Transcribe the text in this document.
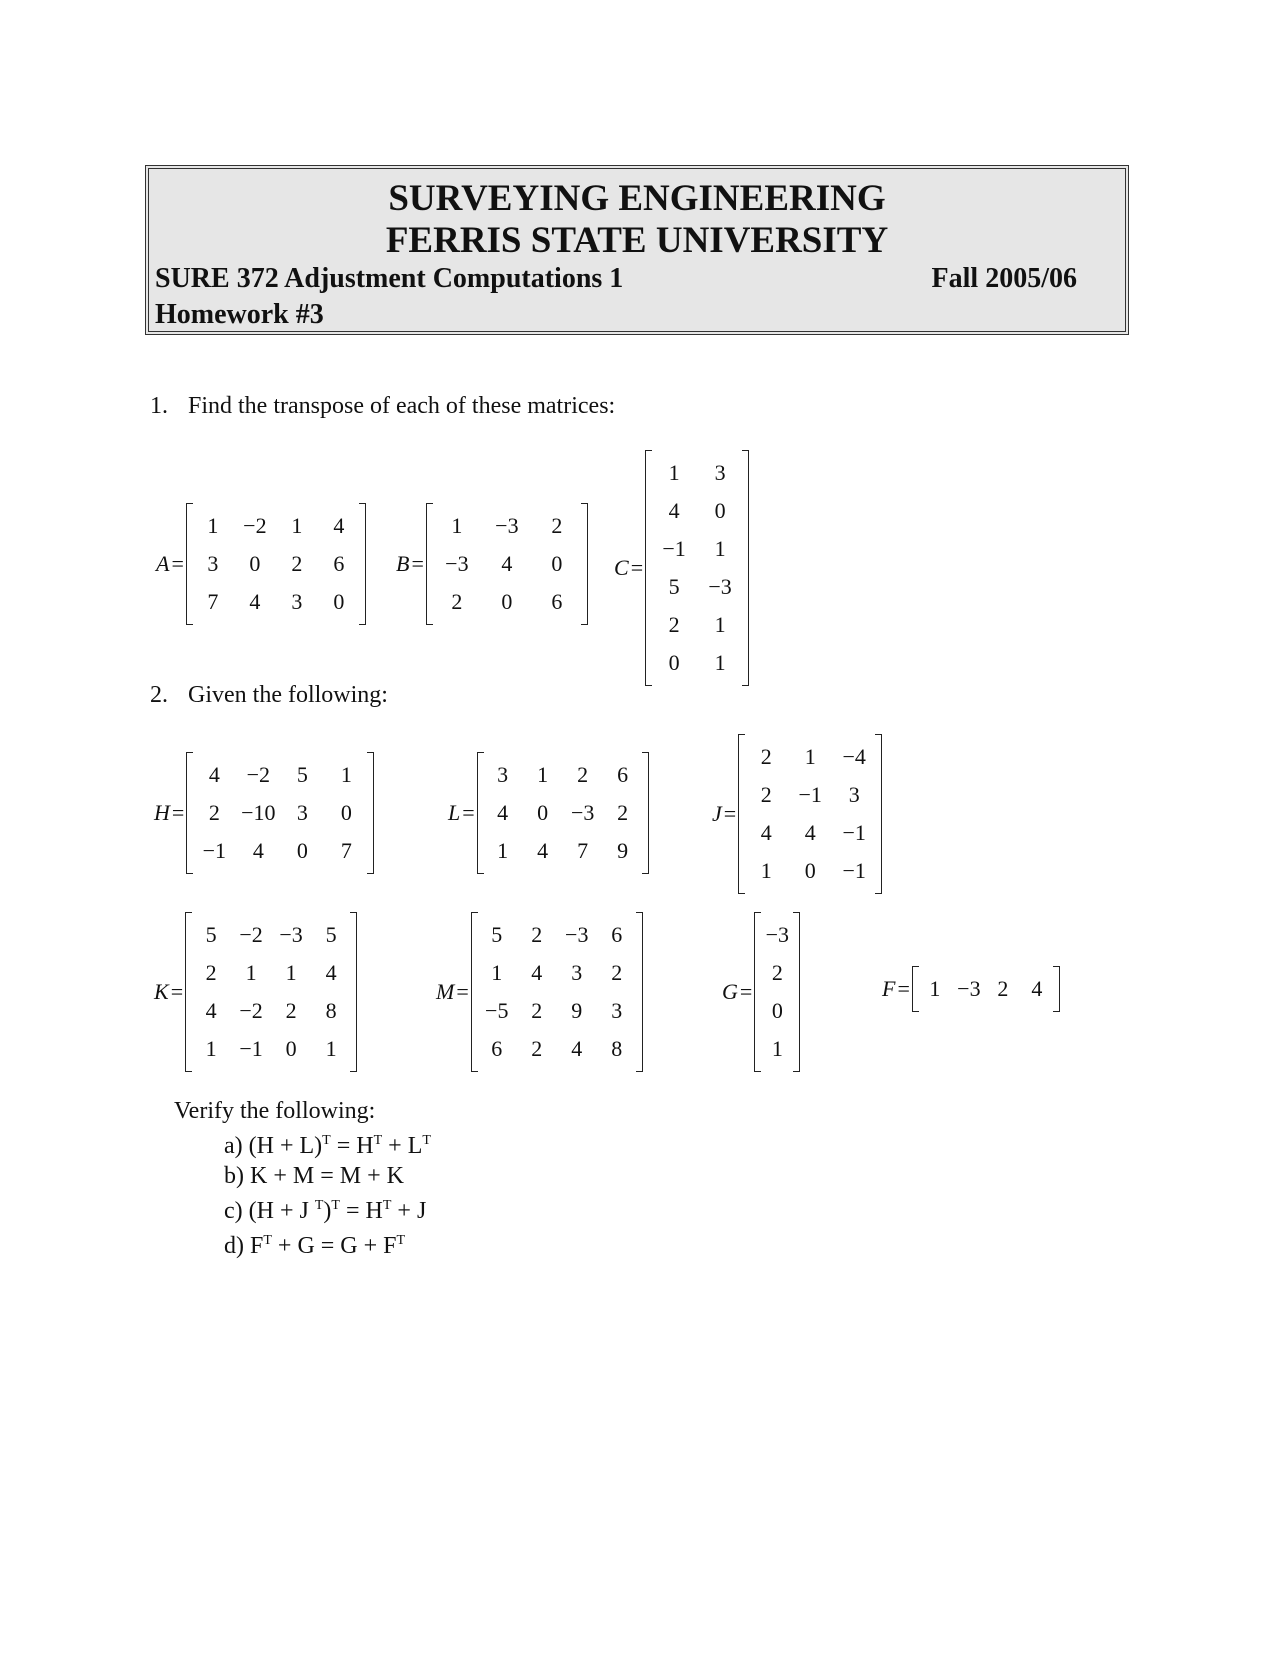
SURVEYING ENGINEERING
FERRIS STATE UNIVERSITY
SURE 372 Adjustment Computations 1	Fall 2005/06
Homework #3
1. Find the transpose of each of these matrices:
2. Given the following:
A =
1	−2	1	4
3	0	2	6
7	4	3	0
B =
1	−3	2
−3	4	0
2	0	6
C =
1	3
4	0
−1	1
5	−3
2	1
0	1
H =
4	−2	5	1
2 −10 3	0
−1	4	0	7
L =
3	1	2	6
4	0	−3	2
1	4	7	9
J =
2	1	−4
2	−1	3
4	4	−1
1	0	−1
K =
5	−2 −3	5
2	1	1	4
4	−2	2	8
1	−1	0	1
M =
5	2	−3	6
1	4	3	2
−5	2	9	3
6	2	4	8
G =
−3
2
0
1
F = 1 −3 2	4
Verify the following:
a) $(H + L)^T = H^T + L^T$
b) K + M = M + K
c) (H + J $^T)^T = H^T + J$
d) $F^T + G = G + F^T$
